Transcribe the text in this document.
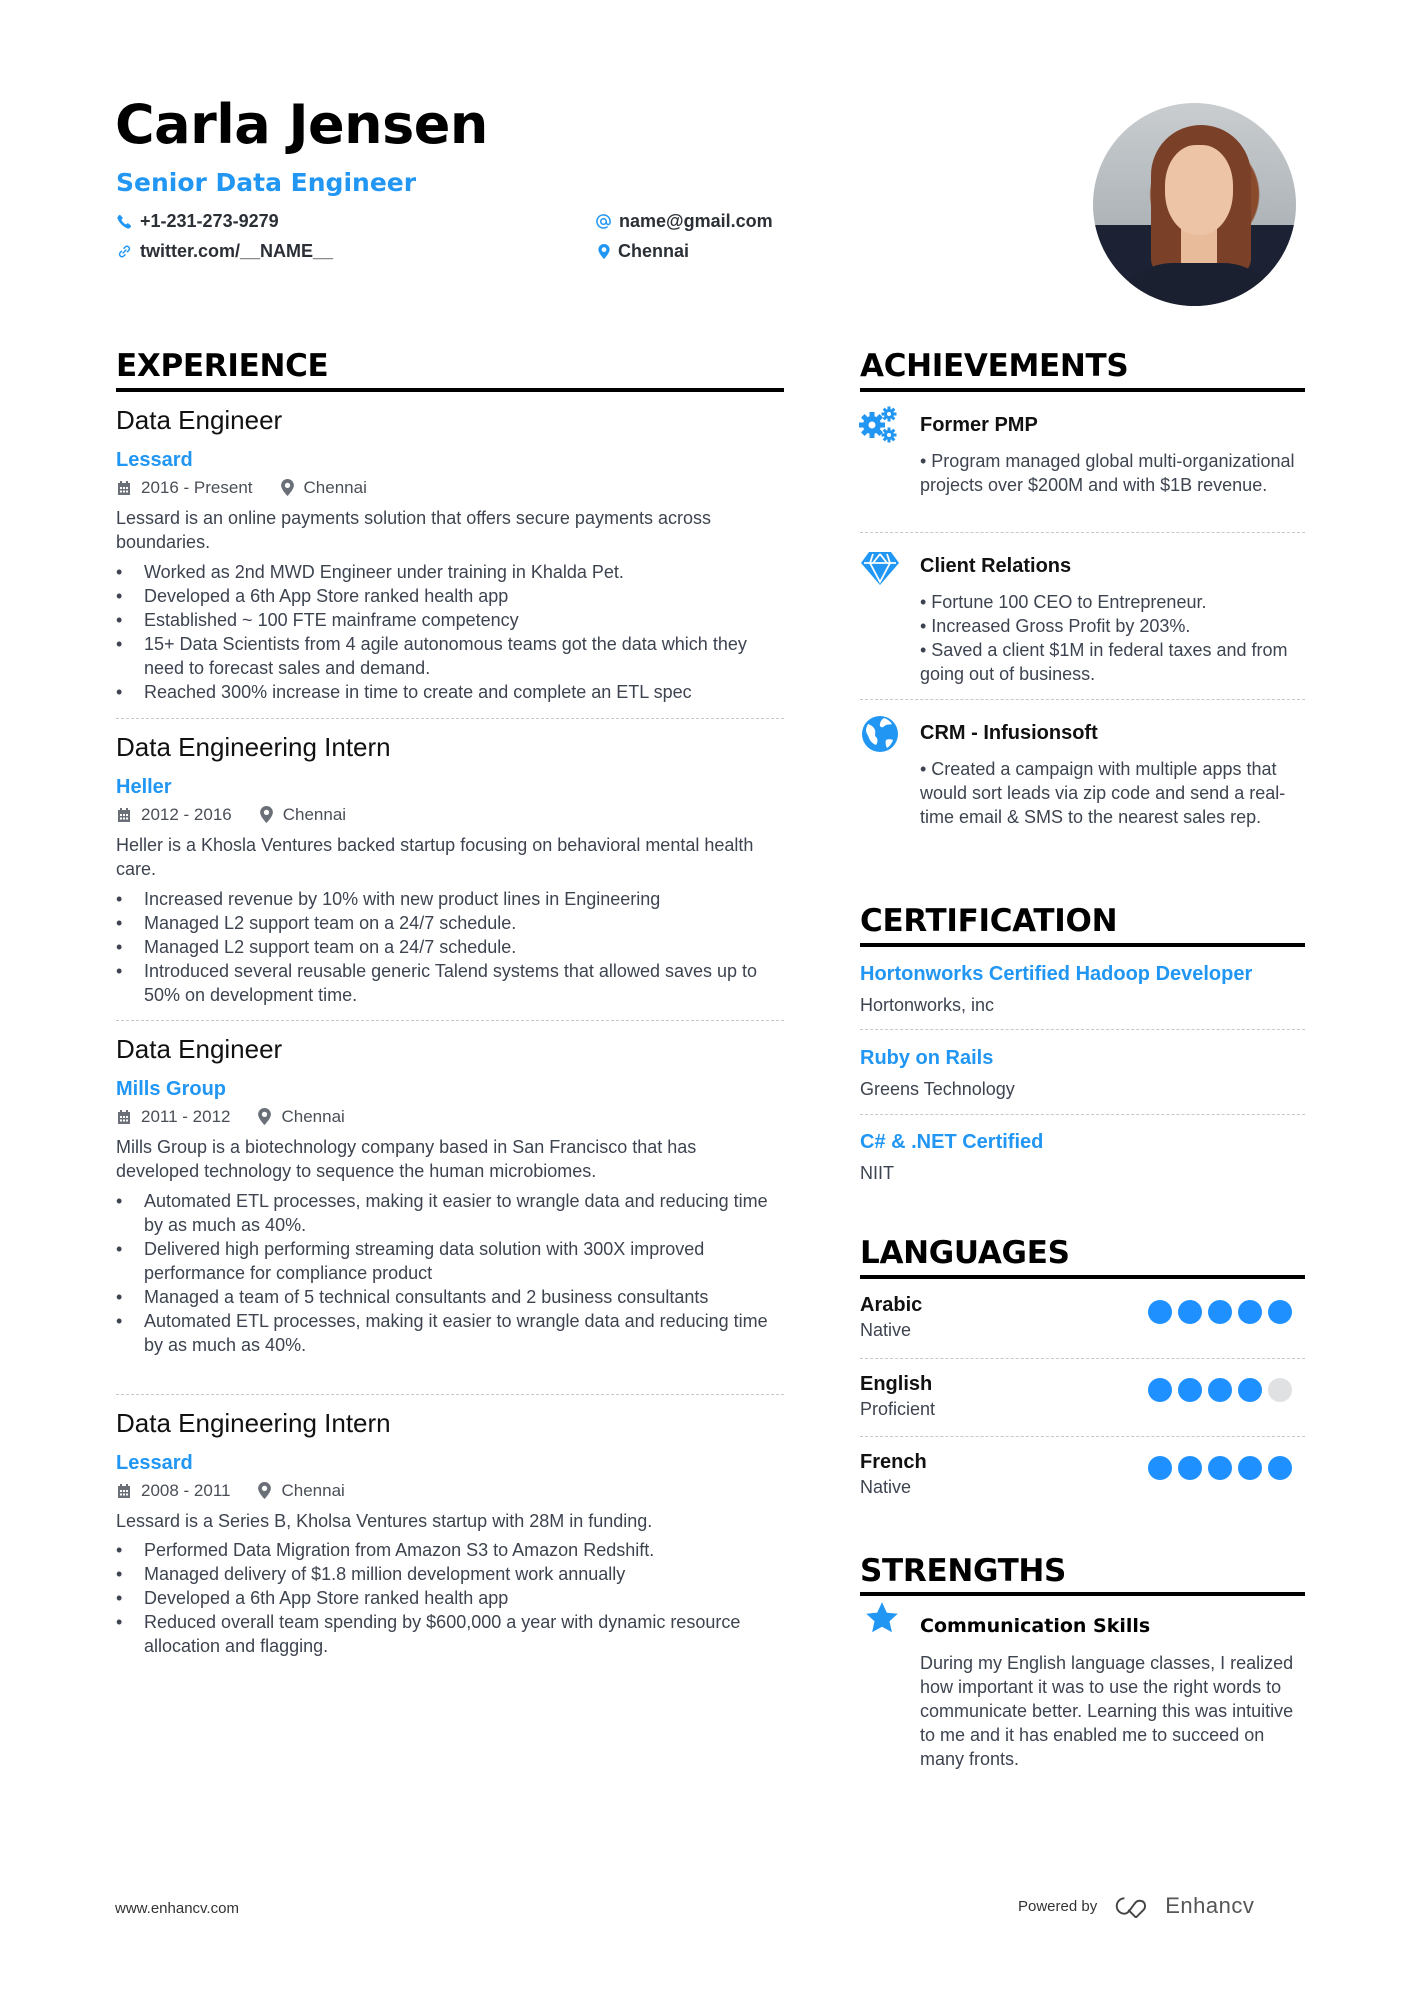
Carla Jensen
Senior Data Engineer
+1-231-273-9279
twitter.com/__NAME__
name@gmail.com
Chennai
EXPERIENCE
Data Engineer
Lessard
2016 - Present	Chennai
Lessard is an online payments solution that offers secure payments across boundaries.
• Worked as 2nd MWD Engineer under training in Khalda Pet.
• Developed a 6th App Store ranked health app
• Established ~ 100 FTE mainframe competency
• 15+ Data Scientists from 4 agile autonomous teams got the data which they need to forecast sales and demand.
• Reached 300% increase in time to create and complete an ETL spec
Data Engineering Intern
Heller
2012 - 2016	Chennai
Heller is a Khosla Ventures backed startup focusing on behavioral mental health care.
• Increased revenue by 10% with new product lines in Engineering
• Managed L2 support team on a 24/7 schedule.
• Managed L2 support team on a 24/7 schedule.
• Introduced several reusable generic Talend systems that allowed saves up to 50% on development time.
Data Engineer
Mills Group
2011 - 2012	Chennai
Mills Group is a biotechnology company based in San Francisco that has developed technology to sequence the human microbiomes.
• Automated ETL processes, making it easier to wrangle data and reducing time by as much as 40%.
• Delivered high performing streaming data solution with 300X improved performance for compliance product
• Managed a team of 5 technical consultants and 2 business consultants
• Automated ETL processes, making it easier to wrangle data and reducing time by as much as 40%.
Data Engineering Intern
Lessard
2008 - 2011	Chennai
Lessard is a Series B, Kholsa Ventures startup with 28M in funding.
• Performed Data Migration from Amazon S3 to Amazon Redshift.
• Managed delivery of $1.8 million development work annually
• Developed a 6th App Store ranked health app
• Reduced overall team spending by $600,000 a year with dynamic resource allocation and flagging.
ACHIEVEMENTS
Former PMP
• Program managed global multi-organizational projects over $200M and with $1B revenue.
Client Relations
• Fortune 100 CEO to Entrepreneur.
• Increased Gross Profit by 203%.
• Saved a client $1M in federal taxes and from going out of business.
CRM - Infusionsoft
• Created a campaign with multiple apps that would sort leads via zip code and send a real-time email & SMS to the nearest sales rep.
CERTIFICATION
Hortonworks Certified Hadoop Developer
Hortonworks, inc
Ruby on Rails
Greens Technology
C# & .NET Certified
NIIT
LANGUAGES
Arabic
Native
English
Proficient
French
Native
STRENGTHS
Communication Skills
During my English language classes, I realized how important it was to use the right words to communicate better. Learning this was intuitive to me and it has enabled me to succeed on many fronts.
www.enhancv.com	Powered by	Enhancv
